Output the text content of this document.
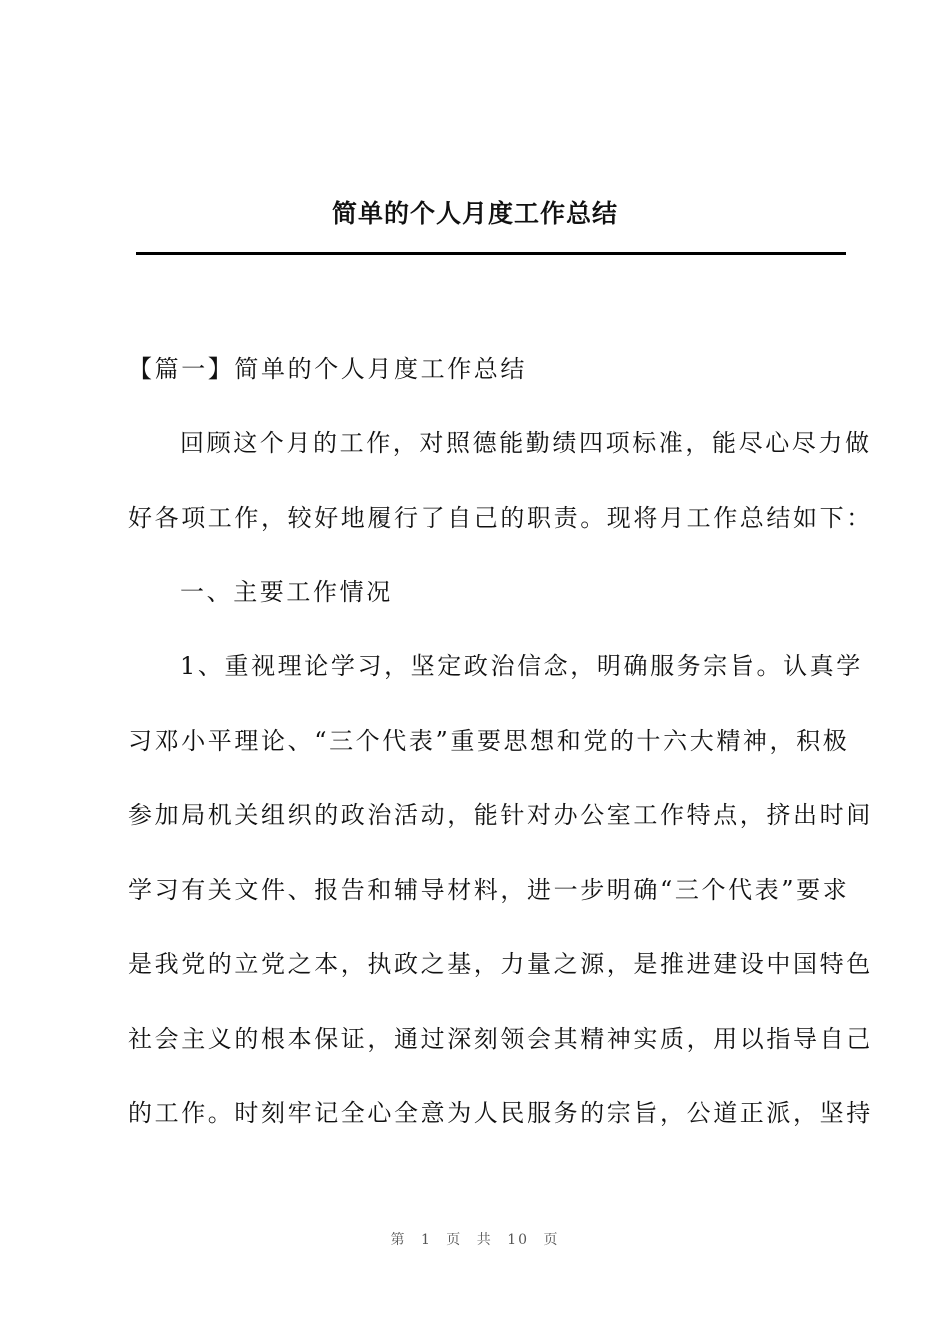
简单的个人月度工作总结
【篇一】简单的个人月度工作总结
回顾这个月的工作，对照德能勤绩四项标准，能尽心尽力做
好各项工作，较好地履行了自己的职责。现将月工作总结如下：
一、主要工作情况
1、重视理论学习，坚定政治信念，明确服务宗旨。认真学
习邓小平理论、“三个代表”重要思想和党的十六大精神，积极
参加局机关组织的政治活动，能针对办公室工作特点，挤出时间
学习有关文件、报告和辅导材料，进一步明确“三个代表”要求
是我党的立党之本，执政之基，力量之源，是推进建设中国特色
社会主义的根本保证，通过深刻领会其精神实质，用以指导自己
的工作。时刻牢记全心全意为人民服务的宗旨，公道正派，坚持
第 1 页 共 10 页
